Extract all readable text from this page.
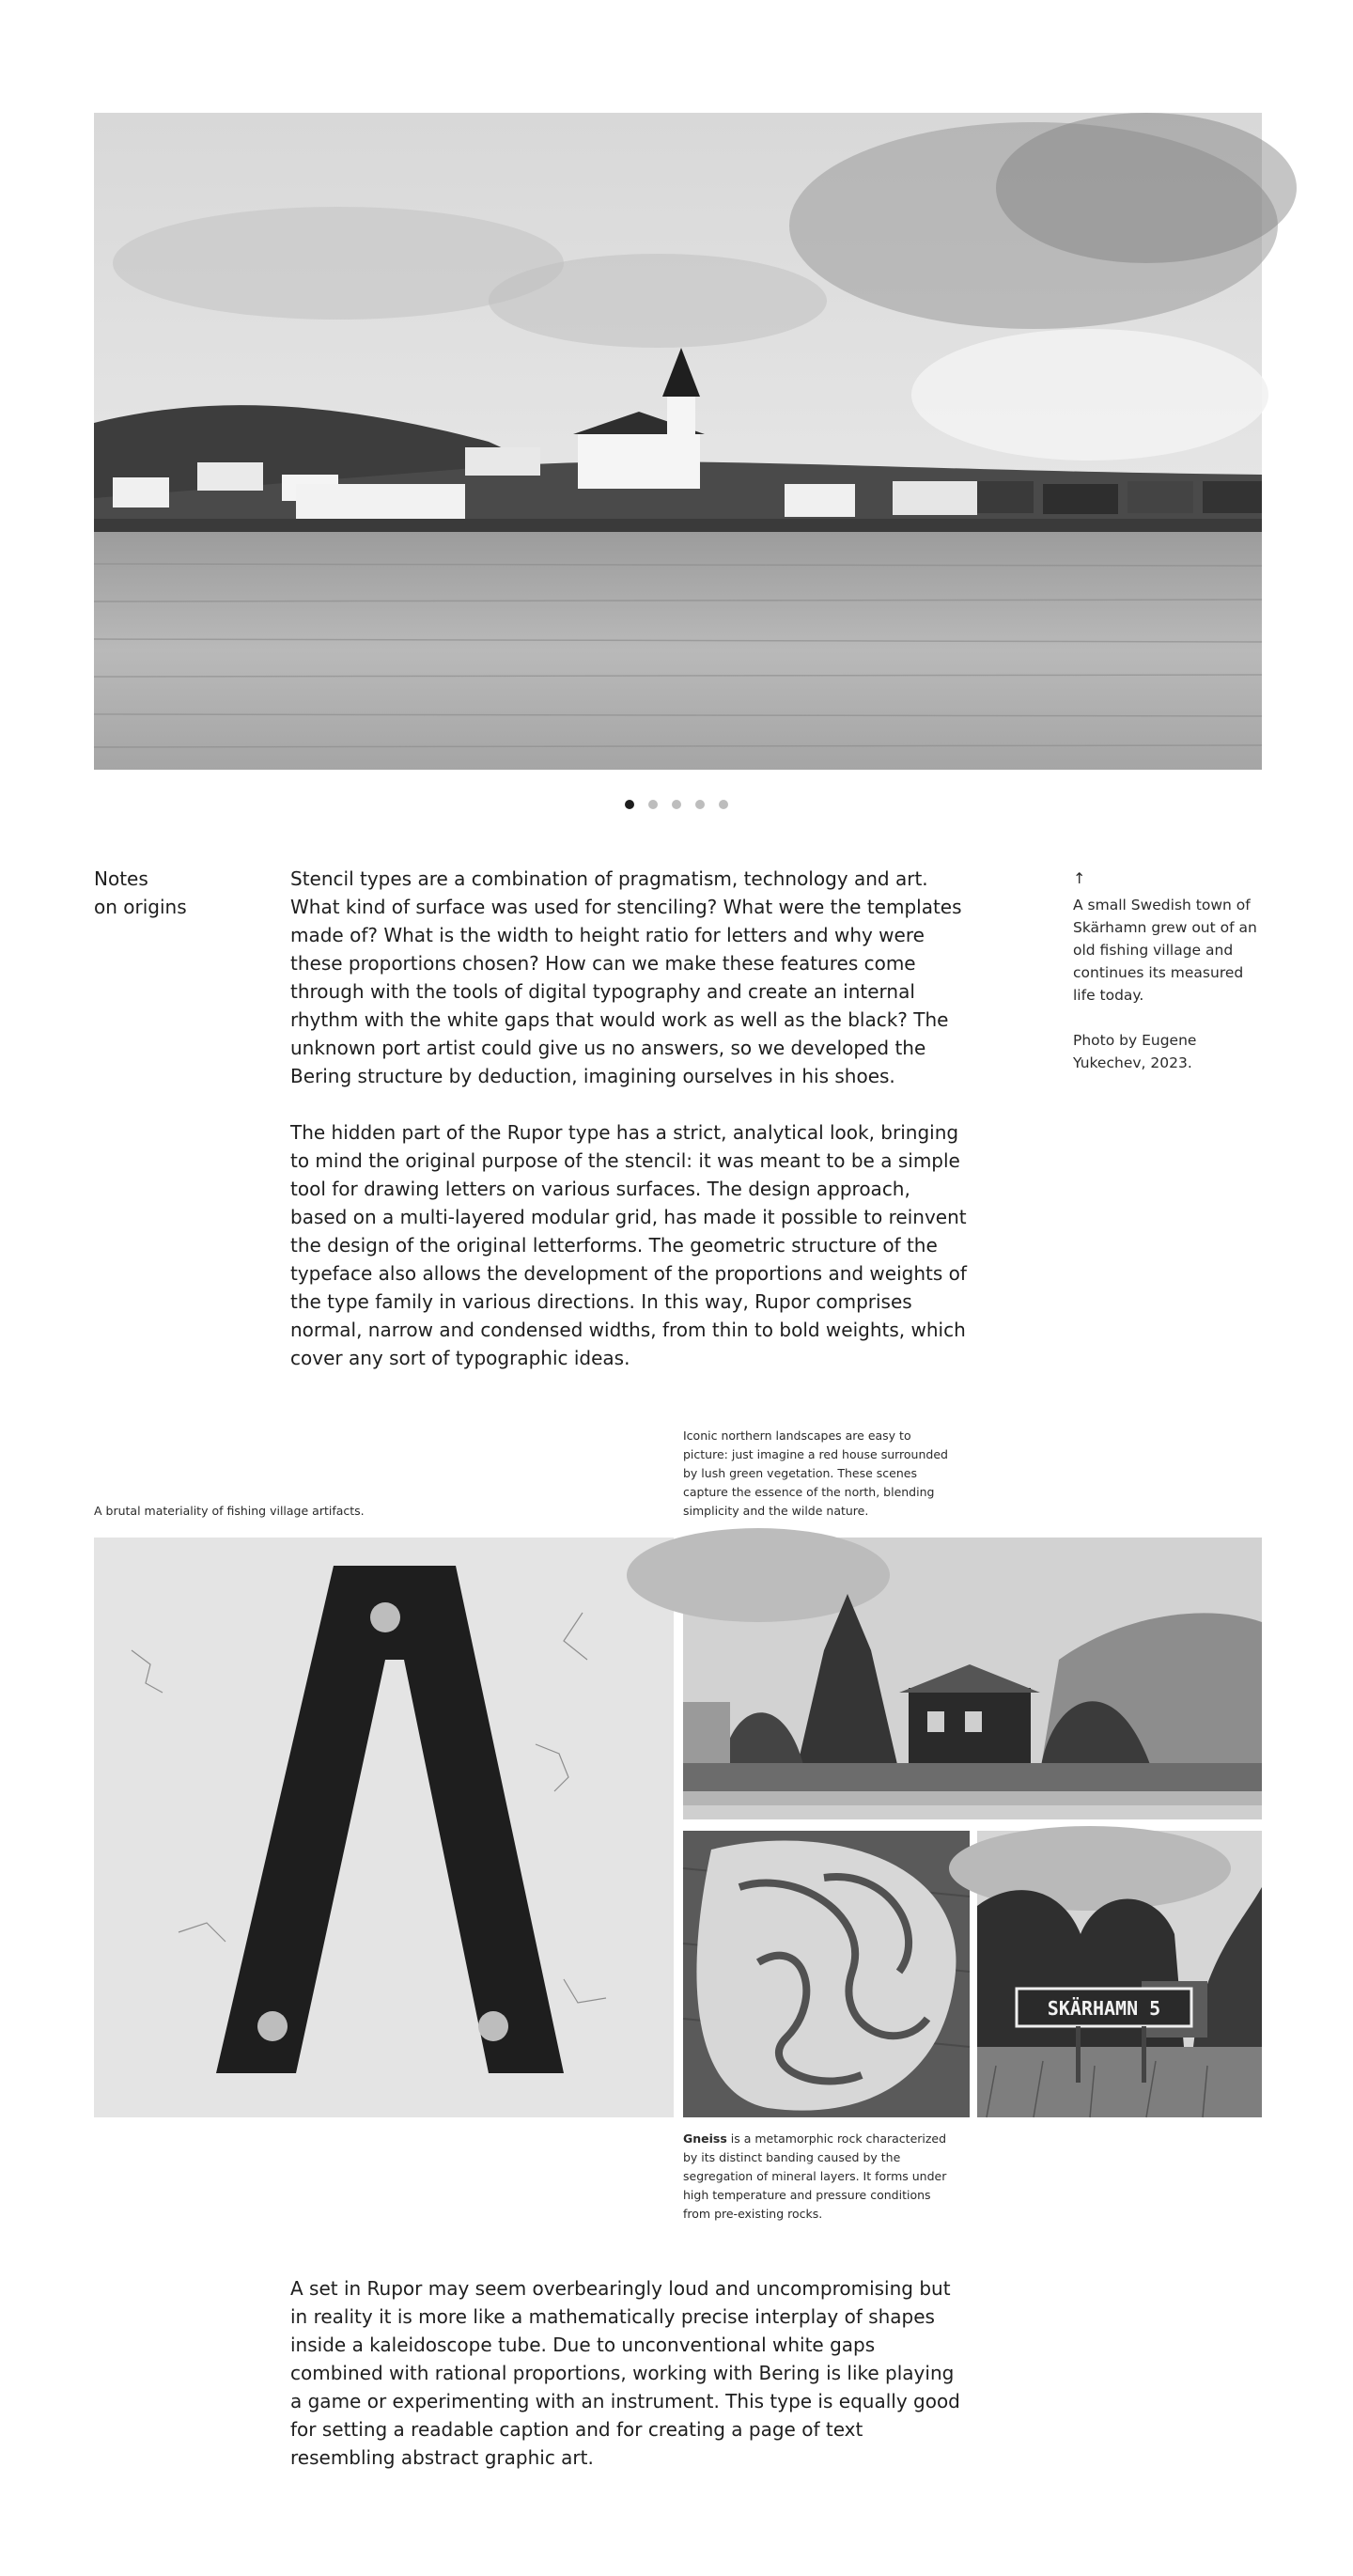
Notes
on origins

Stencil types are a combination of pragmatism, technology and art. What kind of surface was used for stenciling? What were the templates made of? What is the width to height ratio for letters and why were these proportions chosen? How can we make these features come through with the tools of digital typography and create an internal rhythm with the white gaps that would work as well as the black? The unknown port artist could give us no answers, so we developed the Bering structure by deduction, imagining ourselves in his shoes.

The hidden part of the Rupor type has a strict, analytical look, bringing to mind the original purpose of the stencil: it was meant to be a simple tool for drawing letters on various surfaces. The design approach, based on a multi-layered modular grid, has made it possible to reinvent the design of the original letterforms. The geometric structure of the typeface also allows the development of the proportions and weights of the type family in various directions. In this way, Rupor comprises normal, narrow and condensed widths, from thin to bold weights, which cover any sort of typographic ideas.

↑

A small Swedish town of Skärhamn grew out of an old fishing village and continues its measured life today.

Photo by Eugene Yukechev, 2023.

A brutal materiality of fishing village artifacts.
Iconic northern landscapes are easy to picture: just imagine a red house surrounded by lush green vegetation. These scenes capture the essence of the north, blending simplicity and the wilde nature.
A
SKÄRHAMN 5
Gneiss is a metamorphic rock characterized by its distinct banding caused by the segregation of mineral layers. It forms under high temperature and pressure conditions from pre-existing rocks.

A set in Rupor may seem overbearingly loud and uncompromising but in reality it is more like a mathematically precise interplay of shapes inside a kaleidoscope tube. Due to unconventional white gaps combined with rational proportions, working with Bering is like playing a game or experimenting with an instrument. This type is equally good for setting a readable caption and for creating a page of text resembling abstract graphic art.
